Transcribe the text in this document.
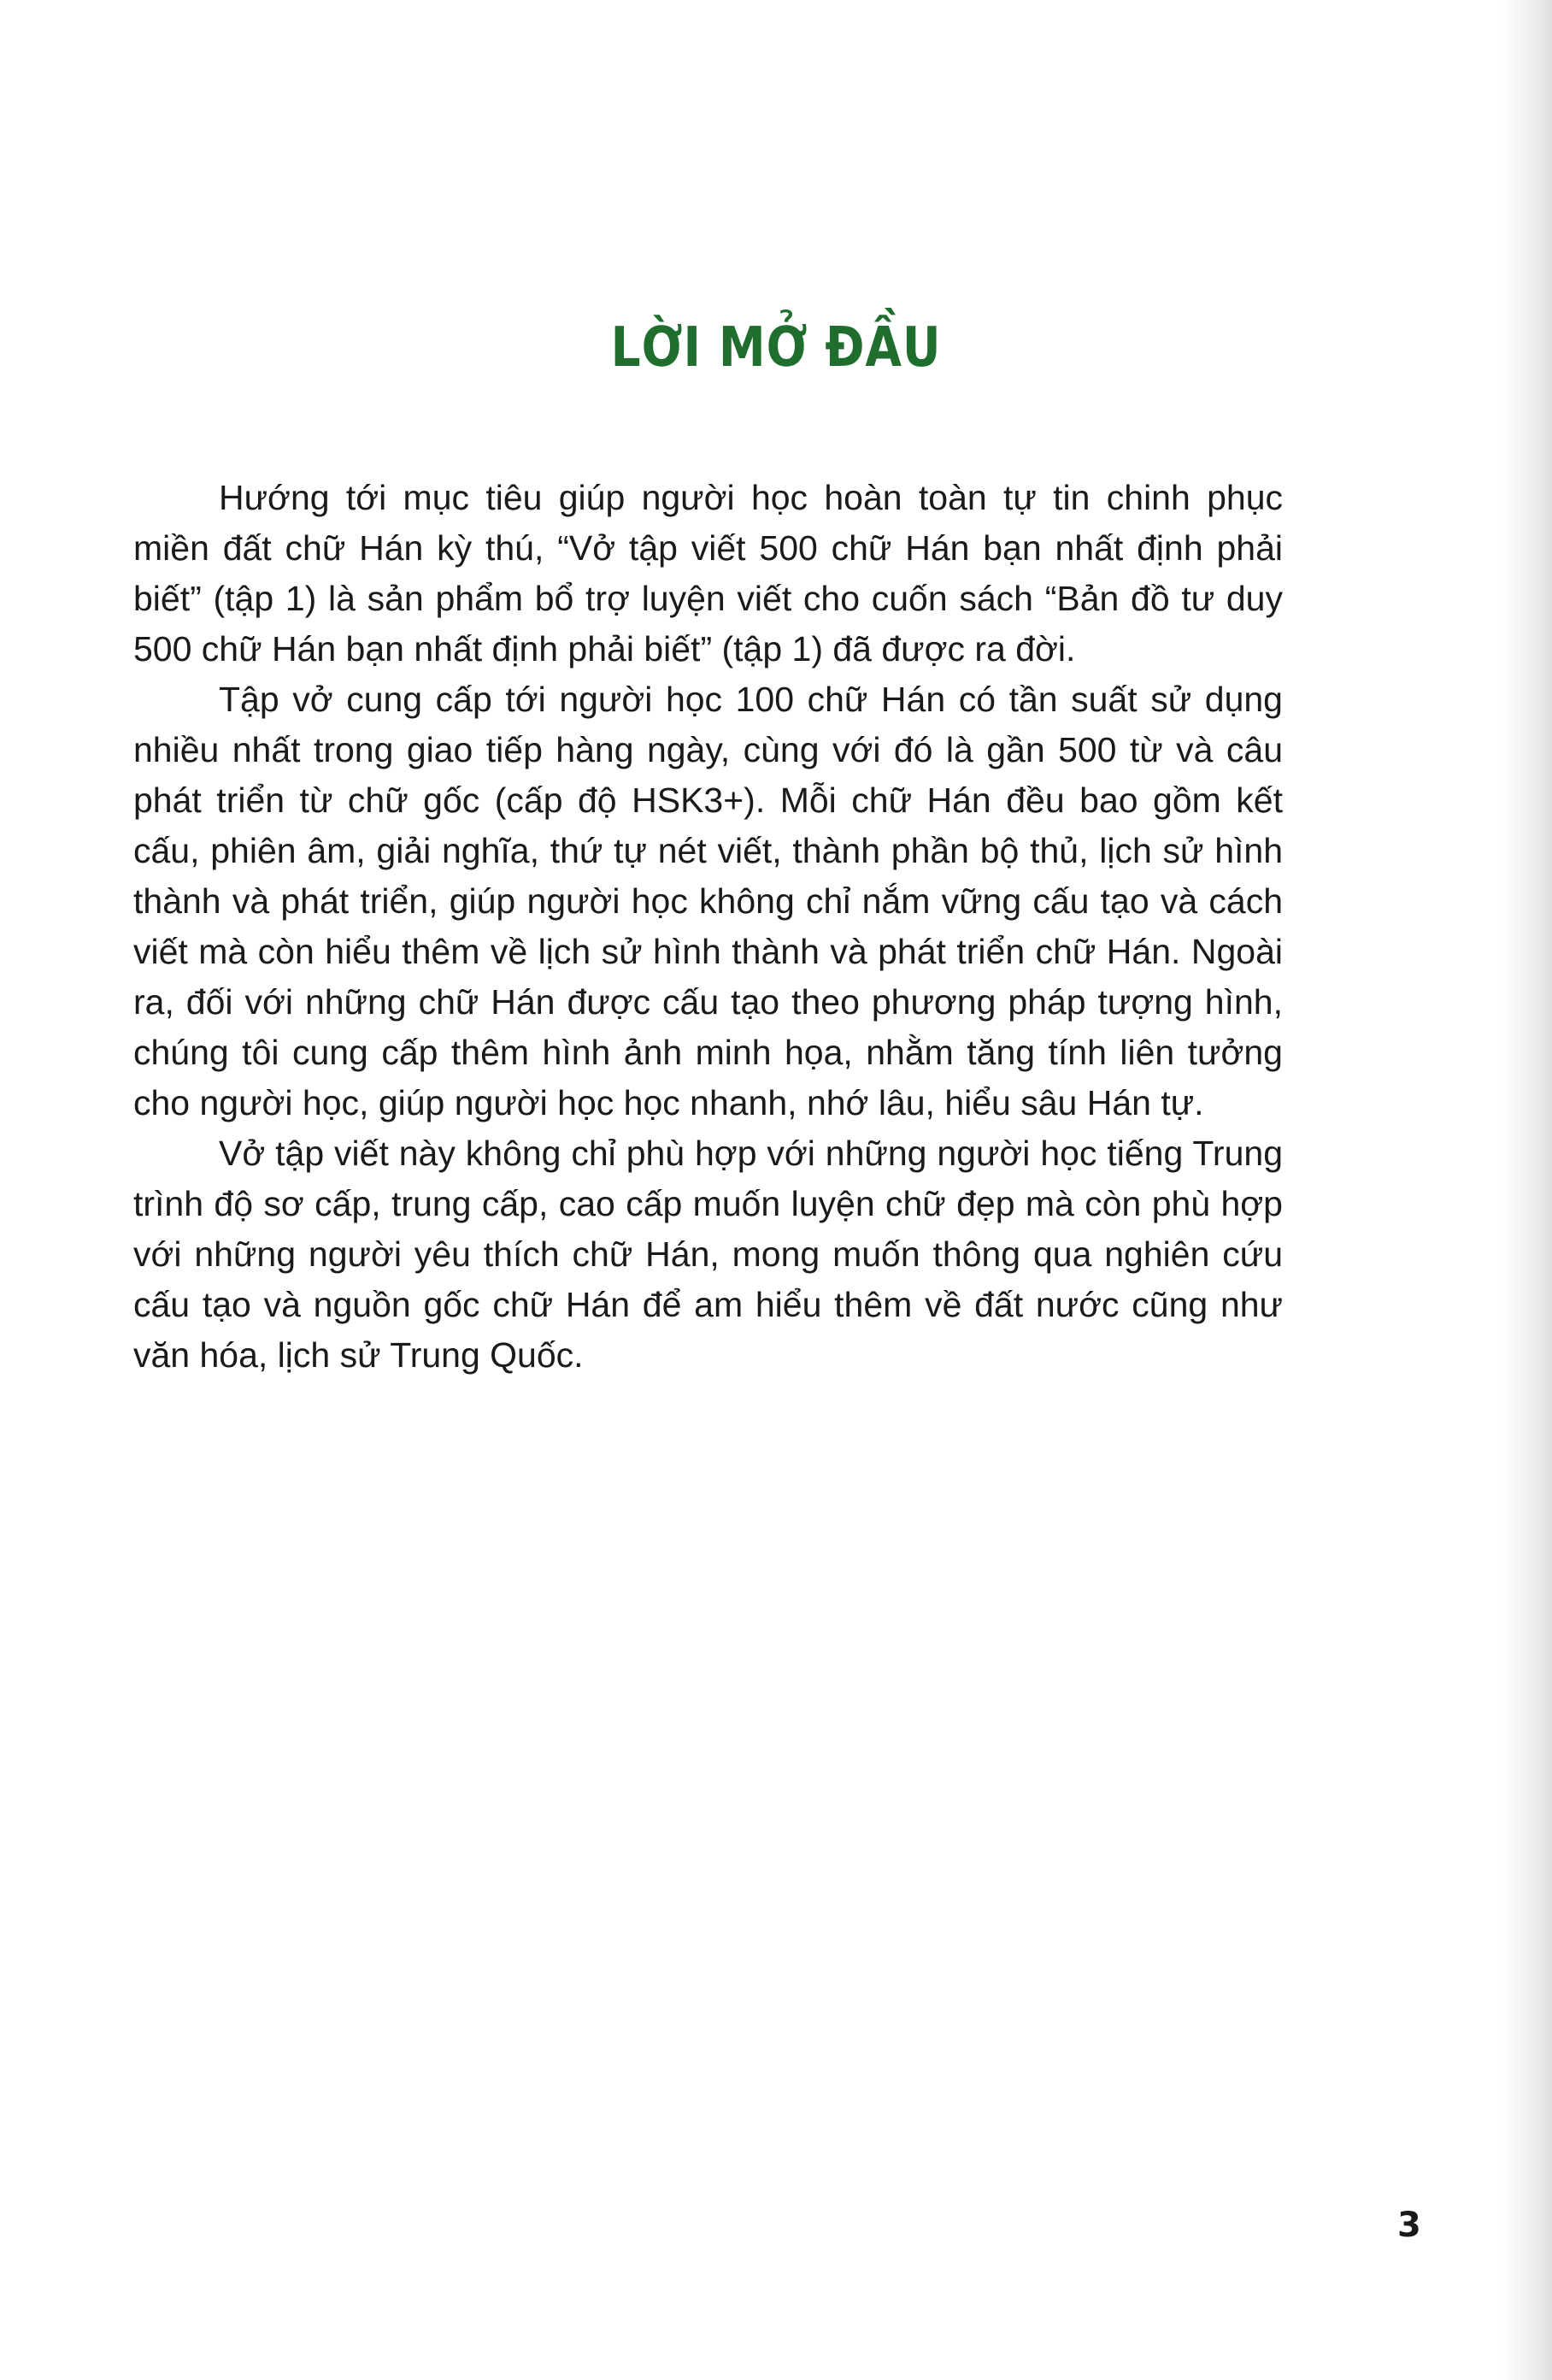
LỜI MỞ ĐẦU

Hướng tới mục tiêu giúp người học hoàn toàn tự tin chinh phục miền đất chữ Hán kỳ thú, “Vở tập viết 500 chữ Hán bạn nhất định phải biết” (tập 1) là sản phẩm bổ trợ luyện viết cho cuốn sách “Bản đồ tư duy 500 chữ Hán bạn nhất định phải biết” (tập 1) đã được ra đời.

Tập vở cung cấp tới người học 100 chữ Hán có tần suất sử dụng nhiều nhất trong giao tiếp hàng ngày, cùng với đó là gần 500 từ và câu phát triển từ chữ gốc (cấp độ HSK3+). Mỗi chữ Hán đều bao gồm kết cấu, phiên âm, giải nghĩa, thứ tự nét viết, thành phần bộ thủ, lịch sử hình thành và phát triển, giúp người học không chỉ nắm vững cấu tạo và cách viết mà còn hiểu thêm về lịch sử hình thành và phát triển chữ Hán. Ngoài ra, đối với những chữ Hán được cấu tạo theo phương pháp tượng hình, chúng tôi cung cấp thêm hình ảnh minh họa, nhằm tăng tính liên tưởng cho người học, giúp người học học nhanh, nhớ lâu, hiểu sâu Hán tự.

Vở tập viết này không chỉ phù hợp với những người học tiếng Trung trình độ sơ cấp, trung cấp, cao cấp muốn luyện chữ đẹp mà còn phù hợp với những người yêu thích chữ Hán, mong muốn thông qua nghiên cứu cấu tạo và nguồn gốc chữ Hán để am hiểu thêm về đất nước cũng như văn hóa, lịch sử Trung Quốc.

3
